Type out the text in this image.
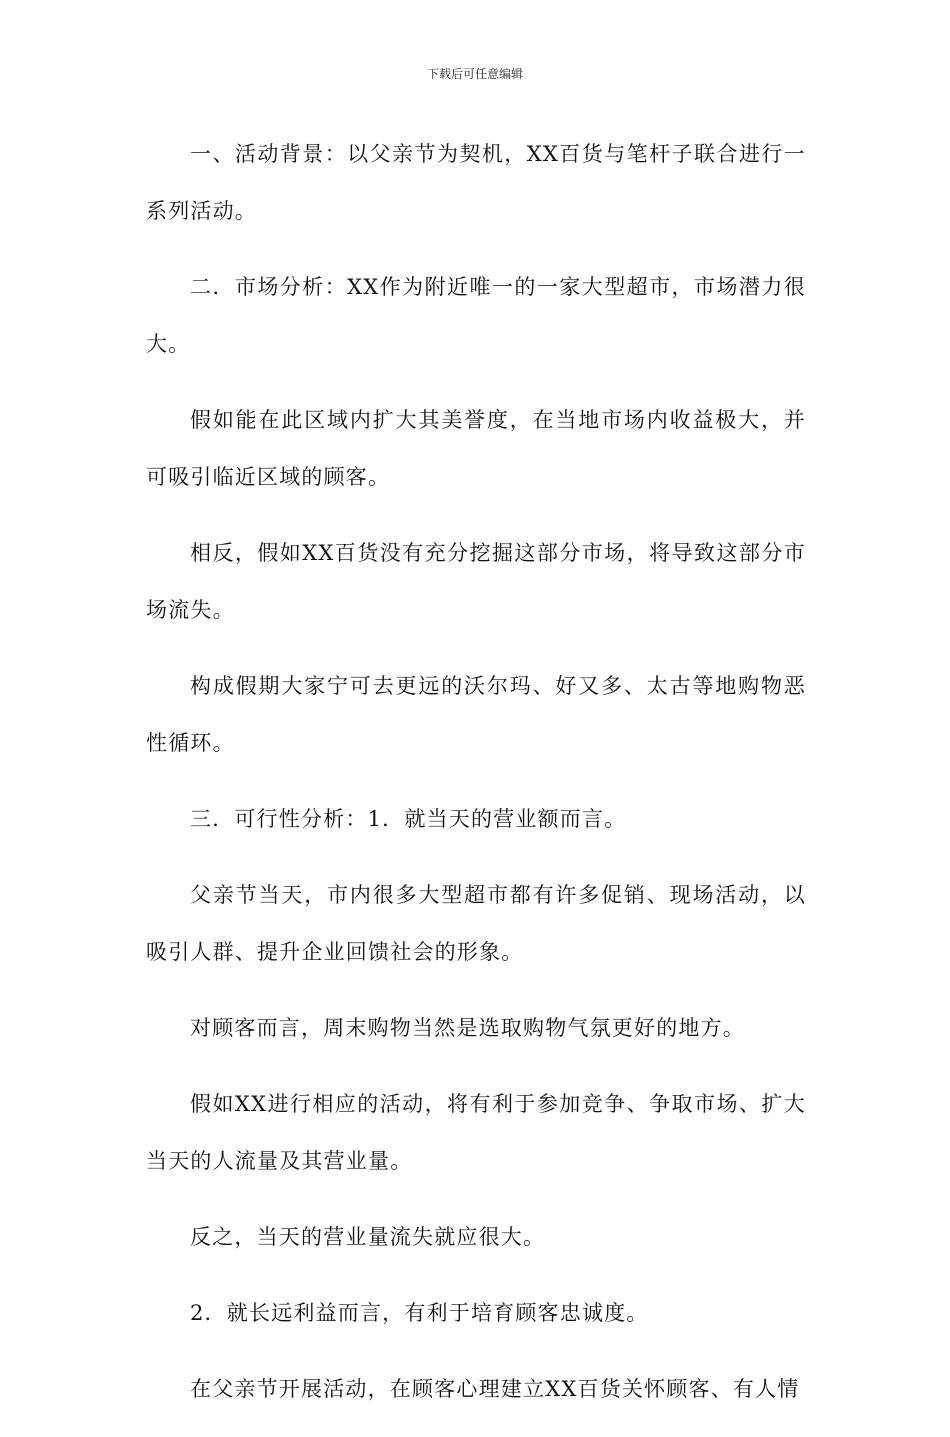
下载后可任意编辑

一、活动背景：以父亲节为契机，XX百货与笔杆子联合进行一系列活动。

二．市场分析：XX作为附近唯一的一家大型超市，市场潜力很大。

假如能在此区域内扩大其美誉度，在当地市场内收益极大，并可吸引临近区域的顾客。

相反，假如XX百货没有充分挖掘这部分市场，将导致这部分市场流失。

构成假期大家宁可去更远的沃尔玛、好又多、太古等地购物恶性循环。

三．可行性分析：1．就当天的营业额而言。

父亲节当天，市内很多大型超市都有许多促销、现场活动，以吸引人群、提升企业回馈社会的形象。

对顾客而言，周末购物当然是选取购物气氛更好的地方。

假如XX进行相应的活动，将有利于参加竞争、争取市场、扩大当天的人流量及其营业量。

反之，当天的营业量流失就应很大。

2．就长远利益而言，有利于培育顾客忠诚度。

在父亲节开展活动，在顾客心理建立XX百货关怀顾客、有人情
